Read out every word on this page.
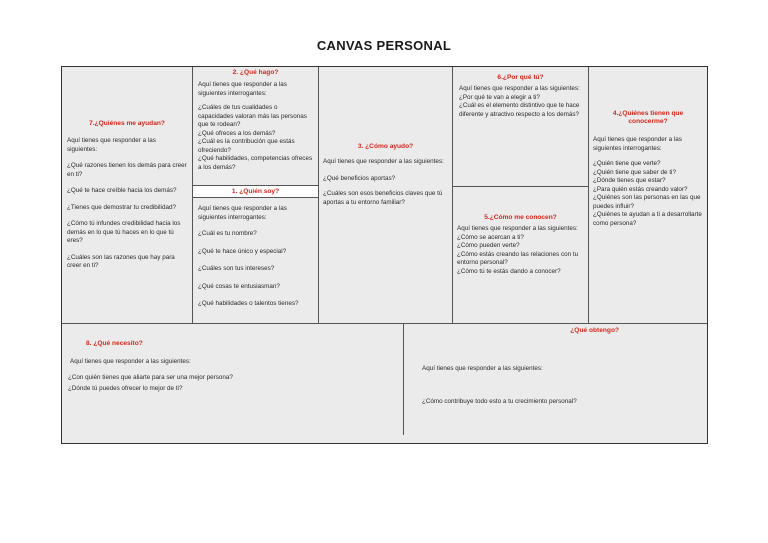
CANVAS PERSONAL
7.¿Quiénes me ayudan?

Aquí tienes que responder a las siguientes:

¿Qué razones tienen los demás para creer en ti?

¿Qué te hace creíble hacia los demás?

¿Tienes que demostrar tu credibilidad?

¿Cómo tú infundes credibilidad hacia los demás en lo que tú haces en lo que tú eres?

¿Cuáles son las razones que hay para creer en ti?

2. ¿Qué hago?

Aquí tienes que responder a las siguientes interrogantes:

¿Cuáles de tus cualidades o capacidades valoran más las personas que te rodean?

¿Qué ofreces a los demás?

¿Cuál es la contribución que estás ofreciendo?

¿Qué habilidades, competencias ofreces a los demás?

1. ¿Quién soy?

Aquí tienes que responder a las siguientes interrogantes:

¿Cuál es tu nombre?

¿Qué te hace único y especial?

¿Cuáles son tus intereses?

¿Qué cosas te entusiasman?

¿Qué habilidades o talentos tienes?

3. ¿Cómo ayudo?

Aquí tienes que responder a las siguientes:

¿Qué beneficios aportas?

¿Cuáles son esos beneficios claves que tú aportas a tu entorno familiar?

6.¿Por qué tú?

Aquí tienes que responder a las siguientes:

¿Por qué te van a elegir a ti?

¿Cuál es el elemento distintivo que te hace diferente y atractivo respecto a los demás?

5.¿Cómo me conocen?

Aquí tienes que responder a las siguientes:

¿Cómo se acercan a ti?

¿Cómo pueden verte?

¿Cómo estás creando las relaciones con tu entorno personal?

¿Cómo tú te estás dando a conocer?

4.¿Quiénes tienen que conocerme?

Aquí tienes que responder a las siguientes interrogantes:

¿Quién tiene que verte?

¿Quién tiene que saber de ti?

¿Dónde tienes que estar?

¿Para quién estás creando valor?

¿Quiénes son las personas en las que puedes influir?

¿Quiénes te ayudan a ti a desarrollarte como persona?

8. ¿Qué necesito?

Aquí tienes que responder a las siguientes:

¿Con quién tienes que aliarte para ser una mejor persona?

¿Dónde tú puedes ofrecer lo mejor de ti?

¿Qué obtengo?

Aquí tienes que responder a las siguientes:

¿Cómo contribuye todo esto a tu crecimiento personal?
